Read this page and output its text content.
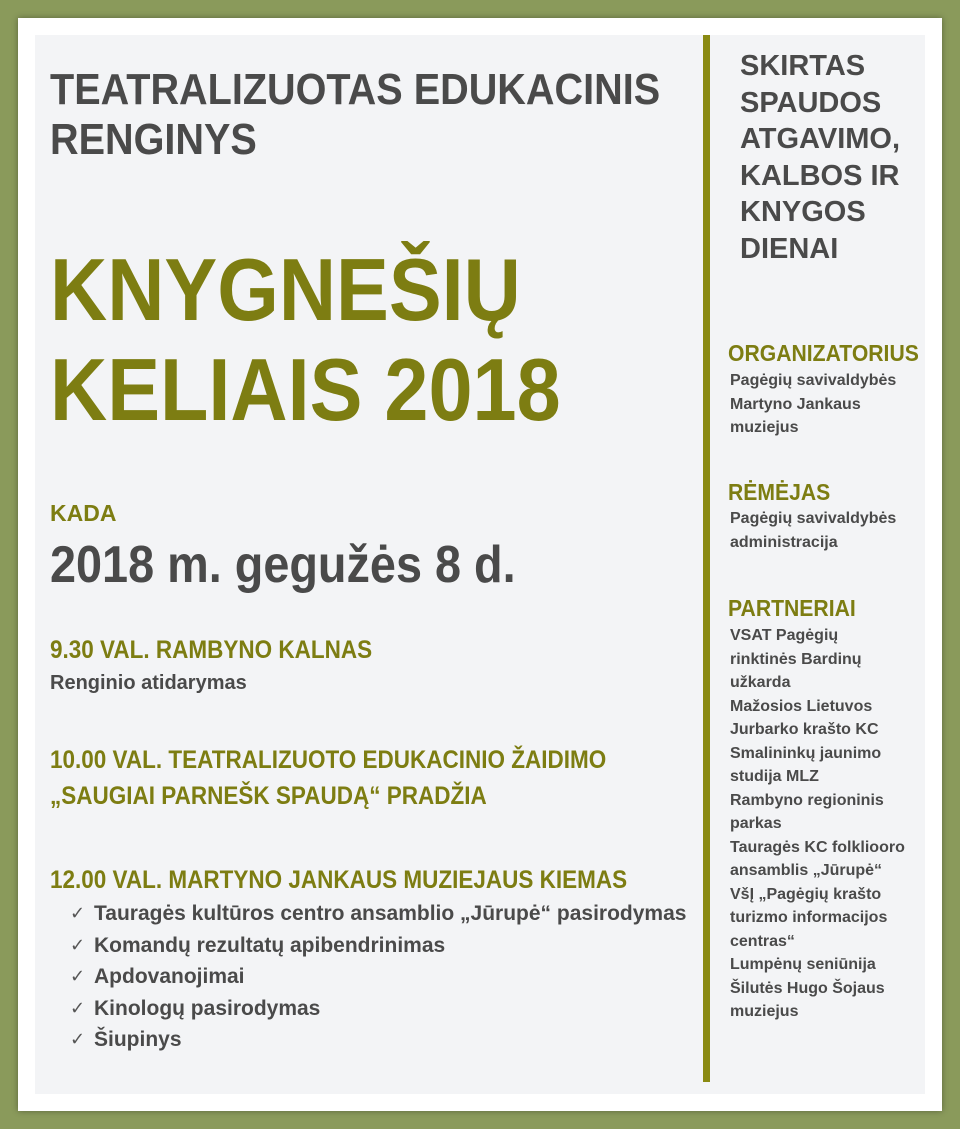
TEATRALIZUOTAS EDUKACINIS
RENGINYS
KNYGNEŠIŲ
KELIAIS 2018
KADA
2018 m. gegužės 8 d.
9.30 VAL. RAMBYNO KALNAS
Renginio atidarymas
10.00 VAL. TEATRALIZUOTO EDUKACINIO ŽAIDIMO
„SAUGIAI PARNEŠK SPAUDĄ“ PRADŽIA
12.00 VAL. MARTYNO JANKAUS MUZIEJAUS KIEMAS
✓ Tauragės kultūros centro ansamblio „Jūrupė“ pasirodymas
✓ Komandų rezultatų apibendrinimas
✓ Apdovanojimai
✓ Kinologų pasirodymas
✓ Šiupinys
SKIRTAS
SPAUDOS
ATGAVIMO,
KALBOS IR
KNYGOS
DIENAI
ORGANIZATORIUS
Pagėgių savivaldybės
Martyno Jankaus
muziejus
RĖMĖJAS
Pagėgių savivaldybės
administracija
PARTNERIAI
VSAT Pagėgių
rinktinės Bardinų
užkarda
Mažosios Lietuvos
Jurbarko krašto KC
Smalininkų jaunimo
studija MLZ
Rambyno regioninis
parkas
Tauragės KC folkliooro
ansamblis „Jūrupė“
VšĮ „Pagėgių krašto
turizmo informacijos
centras“
Lumpėnų seniūnija
Šilutės Hugo Šojaus
muziejus
